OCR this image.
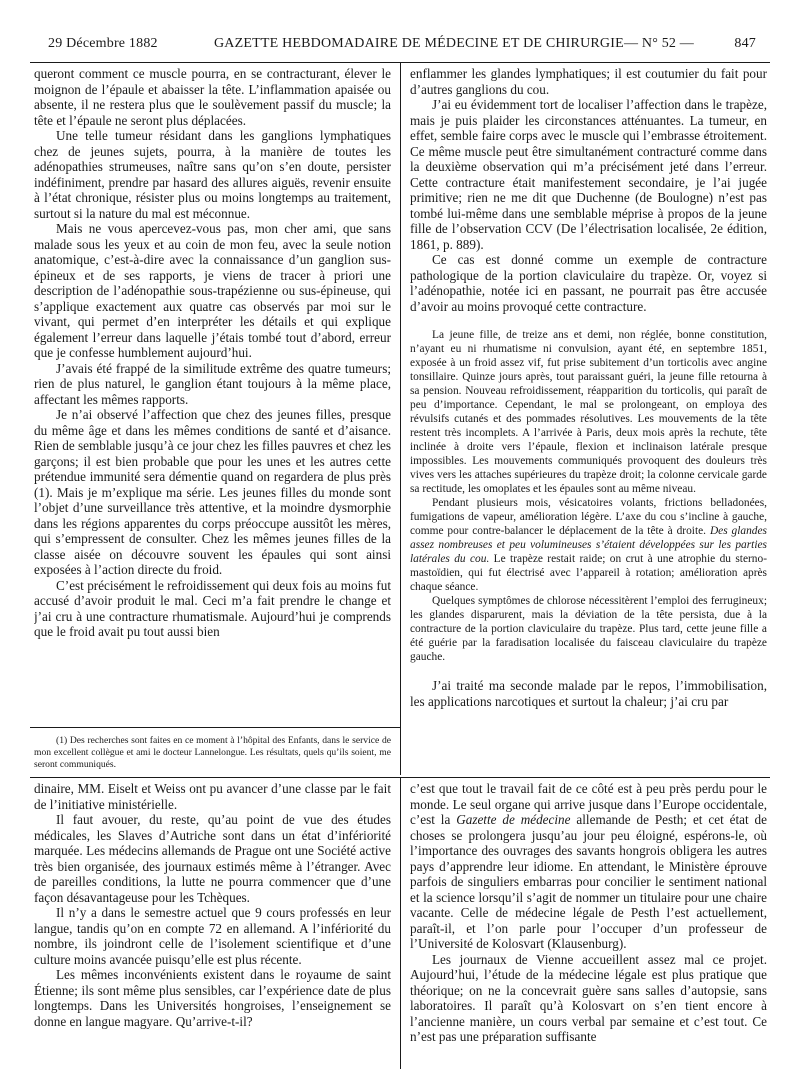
29 Décembre 1882	GAZETTE HEBDOMADAIRE DE MÉDECINE ET DE CHIRURGIE — N° 52 —	847

queront comment ce muscle pourra, en se contracturant, élever le moignon de l’épaule et abaisser la tête. L’inflammation apaisée ou absente, il ne restera plus que le soulèvement passif du muscle; la tête et l’épaule ne seront plus déplacées.

Une telle tumeur résidant dans les ganglions lymphatiques chez de jeunes sujets, pourra, à la manière de toutes les adénopathies strumeuses, naître sans qu’on s’en doute, persister indéfiniment, prendre par hasard des allures aiguës, revenir ensuite à l’état chronique, résister plus ou moins longtemps au traitement, surtout si la nature du mal est méconnue.

Mais ne vous apercevez-vous pas, mon cher ami, que sans malade sous les yeux et au coin de mon feu, avec la seule notion anatomique, c’est-à-dire avec la connaissance d’un ganglion sus-épineux et de ses rapports, je viens de tracer à priori une description de l’adénopathie sous-trapézienne ou sus-épineuse, qui s’applique exactement aux quatre cas observés par moi sur le vivant, qui permet d’en interpréter les détails et qui explique également l’erreur dans laquelle j’étais tombé tout d’abord, erreur que je confesse humblement aujourd’hui.

J’avais été frappé de la similitude extrême des quatre tumeurs; rien de plus naturel, le ganglion étant toujours à la même place, affectant les mêmes rapports.

Je n’ai observé l’affection que chez des jeunes filles, presque du même âge et dans les mêmes conditions de santé et d’aisance. Rien de semblable jusqu’à ce jour chez les filles pauvres et chez les garçons; il est bien probable que pour les unes et les autres cette prétendue immunité sera démentie quand on regardera de plus près (1). Mais je m’explique ma série. Les jeunes filles du monde sont l’objet d’une surveillance très attentive, et la moindre dysmorphie dans les régions apparentes du corps préoccupe aussitôt les mères, qui s’empressent de consulter. Chez les mêmes jeunes filles de la classe aisée on découvre souvent les épaules qui sont ainsi exposées à l’action directe du froid.

C’est précisément le refroidissement qui deux fois au moins fut accusé d’avoir produit le mal. Ceci m’a fait prendre le change et j’ai cru à une contracture rhumatismale. Aujourd’hui je comprends que le froid avait pu tout aussi bien

(1) Des recherches sont faites en ce moment à l’hôpital des Enfants, dans le service de mon excellent collègue et ami le docteur Lannelongue. Les résultats, quels qu’ils soient, me seront communiqués.

enflammer les glandes lymphatiques; il est coutumier du fait pour d’autres ganglions du cou.

J’ai eu évidemment tort de localiser l’affection dans le trapèze, mais je puis plaider les circonstances atténuantes. La tumeur, en effet, semble faire corps avec le muscle qui l’embrasse étroitement. Ce même muscle peut être simultanément contracturé comme dans la deuxième observation qui m’a précisément jeté dans l’erreur. Cette contracture était manifestement secondaire, je l’ai jugée primitive; rien ne me dit que Duchenne (de Boulogne) n’est pas tombé lui-même dans une semblable méprise à propos de la jeune fille de l’observation CCV (De l’électrisation localisée, 2e édition, 1861, p. 889).

Ce cas est donné comme un exemple de contracture pathologique de la portion claviculaire du trapèze. Or, voyez si l’adénopathie, notée ici en passant, ne pourrait pas être accusée d’avoir au moins provoqué cette contracture.

La jeune fille, de treize ans et demi, non réglée, bonne constitution, n’ayant eu ni rhumatisme ni convulsion, ayant été, en septembre 1851, exposée à un froid assez vif, fut prise subitement d’un torticolis avec angine tonsillaire. Quinze jours après, tout paraissant guéri, la jeune fille retourna à sa pension. Nouveau refroidissement, réapparition du torticolis, qui paraît de peu d’importance. Cependant, le mal se prolongeant, on employa des révulsifs cutanés et des pommades résolutives. Les mouvements de la tête restent très incomplets. A l’arrivée à Paris, deux mois après la rechute, tête inclinée à droite vers l’épaule, flexion et inclinaison latérale presque impossibles. Les mouvements communiqués provoquent des douleurs très vives vers les attaches supérieures du trapèze droit; la colonne cervicale garde sa rectitude, les omoplates et les épaules sont au même niveau.

Pendant plusieurs mois, vésicatoires volants, frictions belladonées, fumigations de vapeur, amélioration légère. L’axe du cou s’incline à gauche, comme pour contre-balancer le déplacement de la tête à droite. Des glandes assez nombreuses et peu volumineuses s’étaient développées sur les parties latérales du cou. Le trapèze restait raide; on crut à une atrophie du sterno-mastoïdien, qui fut électrisé avec l’appareil à rotation; amélioration après chaque séance.

Quelques symptômes de chlorose nécessitèrent l’emploi des ferrugineux; les glandes disparurent, mais la déviation de la tête persista, due à la contracture de la portion claviculaire du trapèze. Plus tard, cette jeune fille a été guérie par la faradisation localisée du faisceau claviculaire du trapèze gauche.

J’ai traité ma seconde malade par le repos, l’immobilisation, les applications narcotiques et surtout la chaleur; j’ai cru par

dinaire, MM. Eiselt et Weiss ont pu avancer d’une classe par le fait de l’initiative ministérielle.

Il faut avouer, du reste, qu’au point de vue des études médicales, les Slaves d’Autriche sont dans un état d’infériorité marquée. Les médecins allemands de Prague ont une Société active très bien organisée, des journaux estimés même à l’étranger. Avec de pareilles conditions, la lutte ne pourra commencer que d’une façon désavantageuse pour les Tchèques.

Il n’y a dans le semestre actuel que 9 cours professés en leur langue, tandis qu’on en compte 72 en allemand. A l’infériorité du nombre, ils joindront celle de l’isolement scientifique et d’une culture moins avancée puisqu’elle est plus récente.

Les mêmes inconvénients existent dans le royaume de saint Étienne; ils sont même plus sensibles, car l’expérience date de plus longtemps. Dans les Universités hongroises, l’enseignement se donne en langue magyare. Qu’arrive-t-il?

c’est que tout le travail fait de ce côté est à peu près perdu pour le monde. Le seul organe qui arrive jusque dans l’Europe occidentale, c’est la Gazette de médecine allemande de Pesth; et cet état de choses se prolongera jusqu’au jour peu éloigné, espérons-le, où l’importance des ouvrages des savants hongrois obligera les autres pays d’apprendre leur idiome. En attendant, le Ministère éprouve parfois de singuliers embarras pour concilier le sentiment national et la science lorsqu’il s’agit de nommer un titulaire pour une chaire vacante. Celle de médecine légale de Pesth l’est actuellement, paraît-il, et l’on parle pour l’occuper d’un professeur de l’Université de Kolosvart (Klausenburg).

Les journaux de Vienne accueillent assez mal ce projet. Aujourd’hui, l’étude de la médecine légale est plus pratique que théorique; on ne la concevrait guère sans salles d’autopsie, sans laboratoires. Il paraît qu’à Kolosvart on s’en tient encore à l’ancienne manière, un cours verbal par semaine et c’est tout. Ce n’est pas une préparation suffisante
